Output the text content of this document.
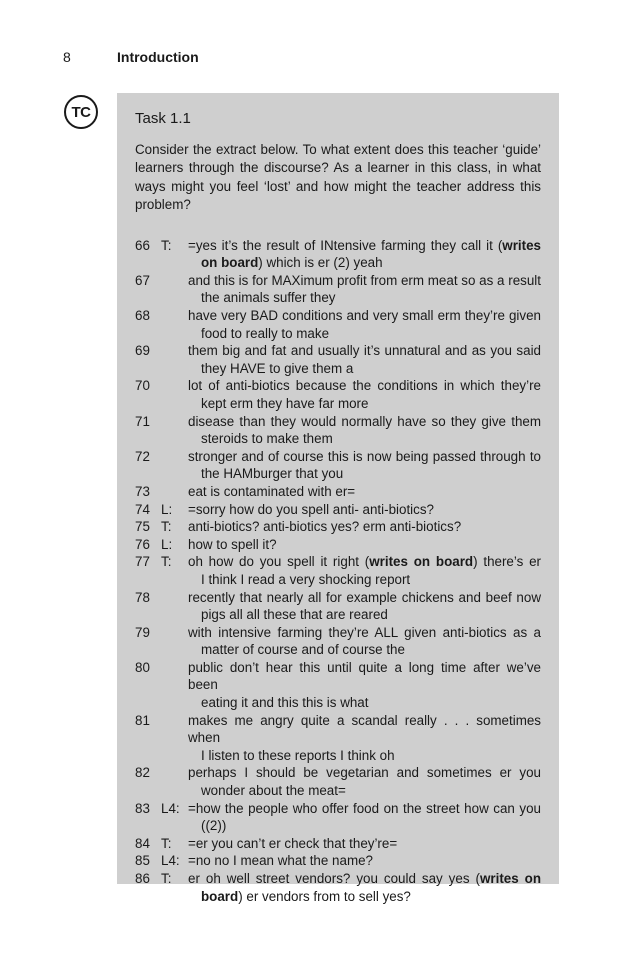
8	Introduction
TC	Task 1.1

Consider the extract below. To what extent does this teacher ‘guide’ learners through the discourse? As a learner in this class, in what ways might you feel ‘lost’ and how might the teacher address this problem?

66 T: =yes it’s the result of INtensive farming they call it (writes
on board) which is er (2) yeah
67	and this is for MAXimum profit from erm meat so as a result
the animals suffer they
68	have very BAD conditions and very small erm they’re given
food to really to make
69	them big and fat and usually it’s unnatural and as you said
they HAVE to give them a
70	lot of anti-biotics because the conditions in which they’re
kept erm they have far more
71	disease than they would normally have so they give them
steroids to make them
72	stronger and of course this is now being passed through to
the HAMburger that you
73	eat is contaminated with er=
74 L: =sorry how do you spell anti- anti-biotics?
75 T: anti-biotics? anti-biotics yes? erm anti-biotics?
76 L: how to spell it?
77 T: oh how do you spell it right (writes on board) there’s er
I think I read a very shocking report
78	recently that nearly all for example chickens and beef now
pigs all all these that are reared
79	with intensive farming they’re ALL given anti-biotics as a
matter of course and of course the
80	public don’t hear this until quite a long time after we’ve been
eating it and this this is what
81	makes me angry quite a scandal really . . . sometimes when
I listen to these reports I think oh
82	perhaps I should be vegetarian and sometimes er you
wonder about the meat=
83 L4: =how the people who offer food on the street how can you
((2))
84 T: =er you can’t er check that they’re=
85 L4: =no no I mean what the name?
86 T: er oh well street vendors? you could say yes (writes on
board) er vendors from to sell yes?
